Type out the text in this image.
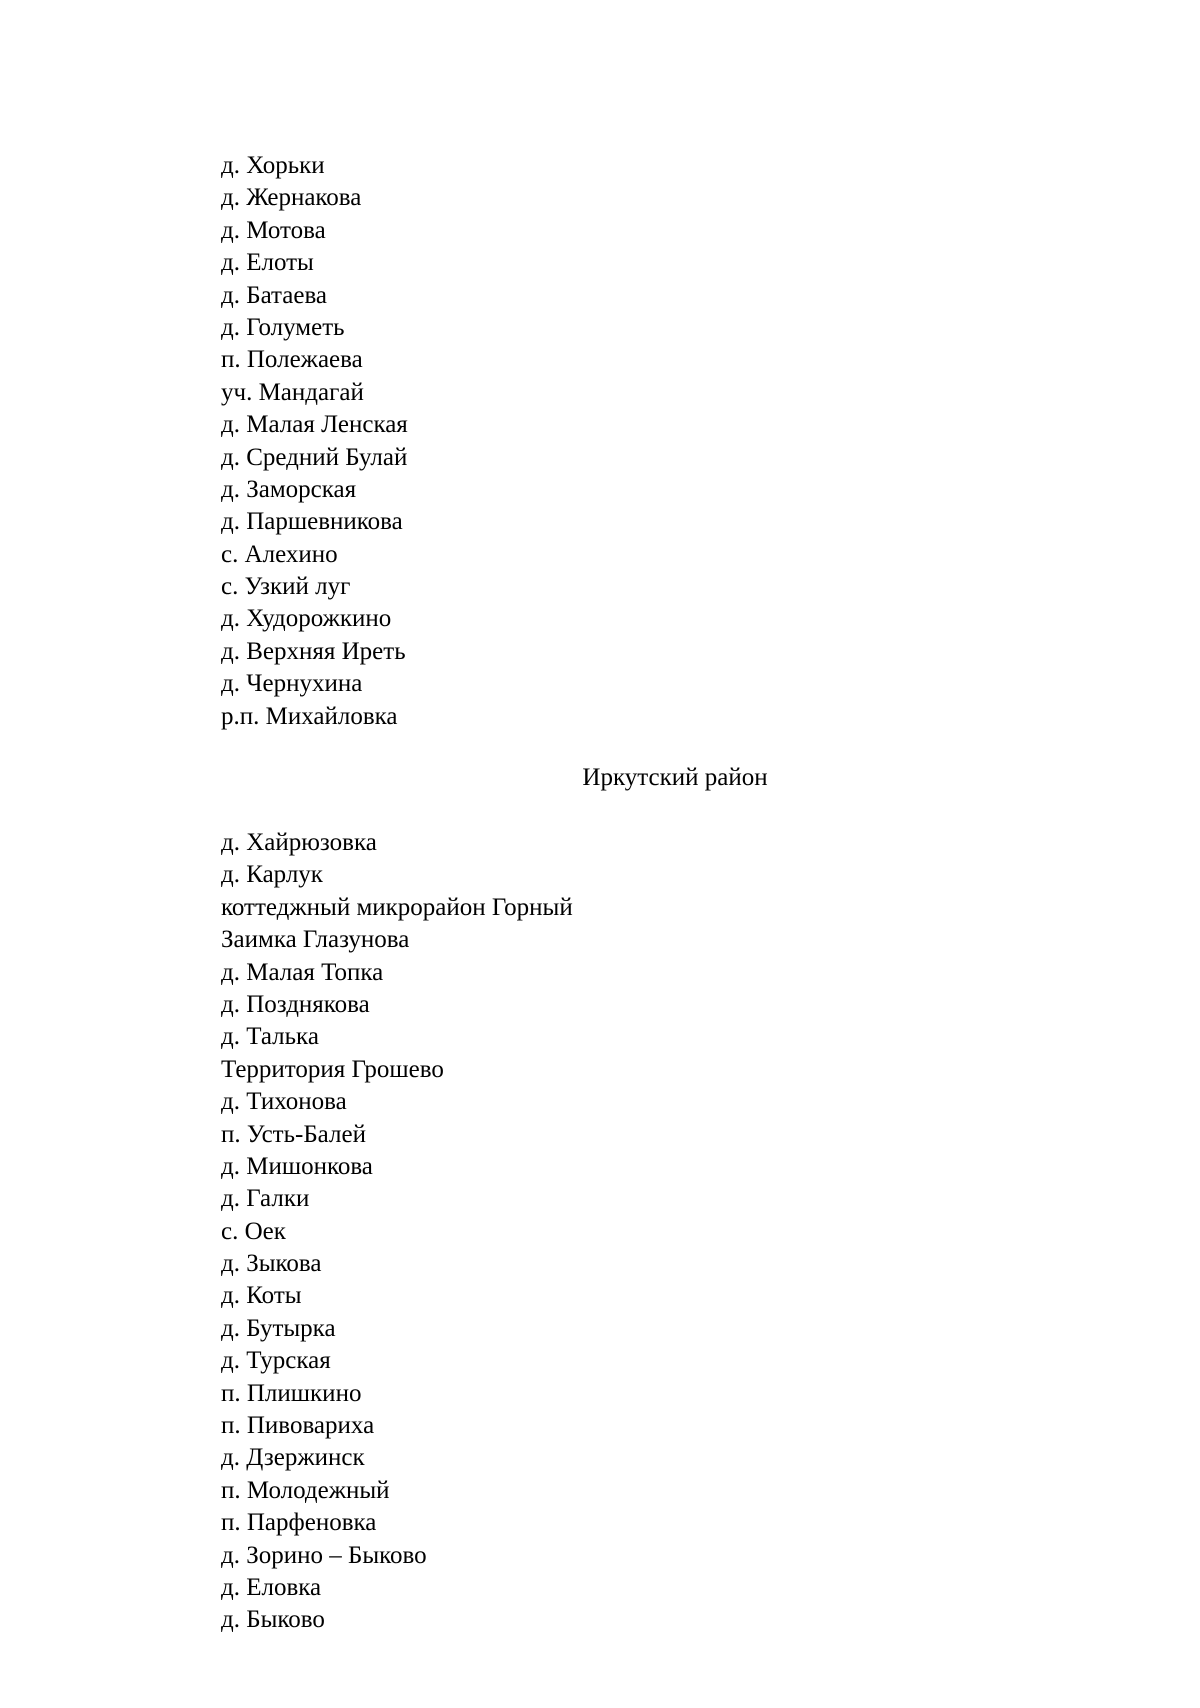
д. Хорьки
д. Жернакова
д. Мотова
д. Елоты
д. Батаева
д. Голуметь
п. Полежаева
уч. Мандагай
д. Малая Ленская
д. Средний Булай
д. Заморская
д. Паршевникова
с. Алехино
с. Узкий луг
д. Худорожкино
д. Верхняя Иреть
д. Чернухина
р.п. Михайловка
Иркутский район
д. Хайрюзовка
д. Карлук
коттеджный микрорайон Горный
Заимка Глазунова
д. Малая Топка
д. Позднякова
д. Талька
Территория Грошево
д. Тихонова
п. Усть-Балей
д. Мишонкова
д. Галки
с. Оек
д. Зыкова
д. Коты
д. Бутырка
д. Турская
п. Плишкино
п. Пивовариха
д. Дзержинск
п. Молодежный
п. Парфеновка
д. Зорино – Быково
д. Еловка
д. Быково
